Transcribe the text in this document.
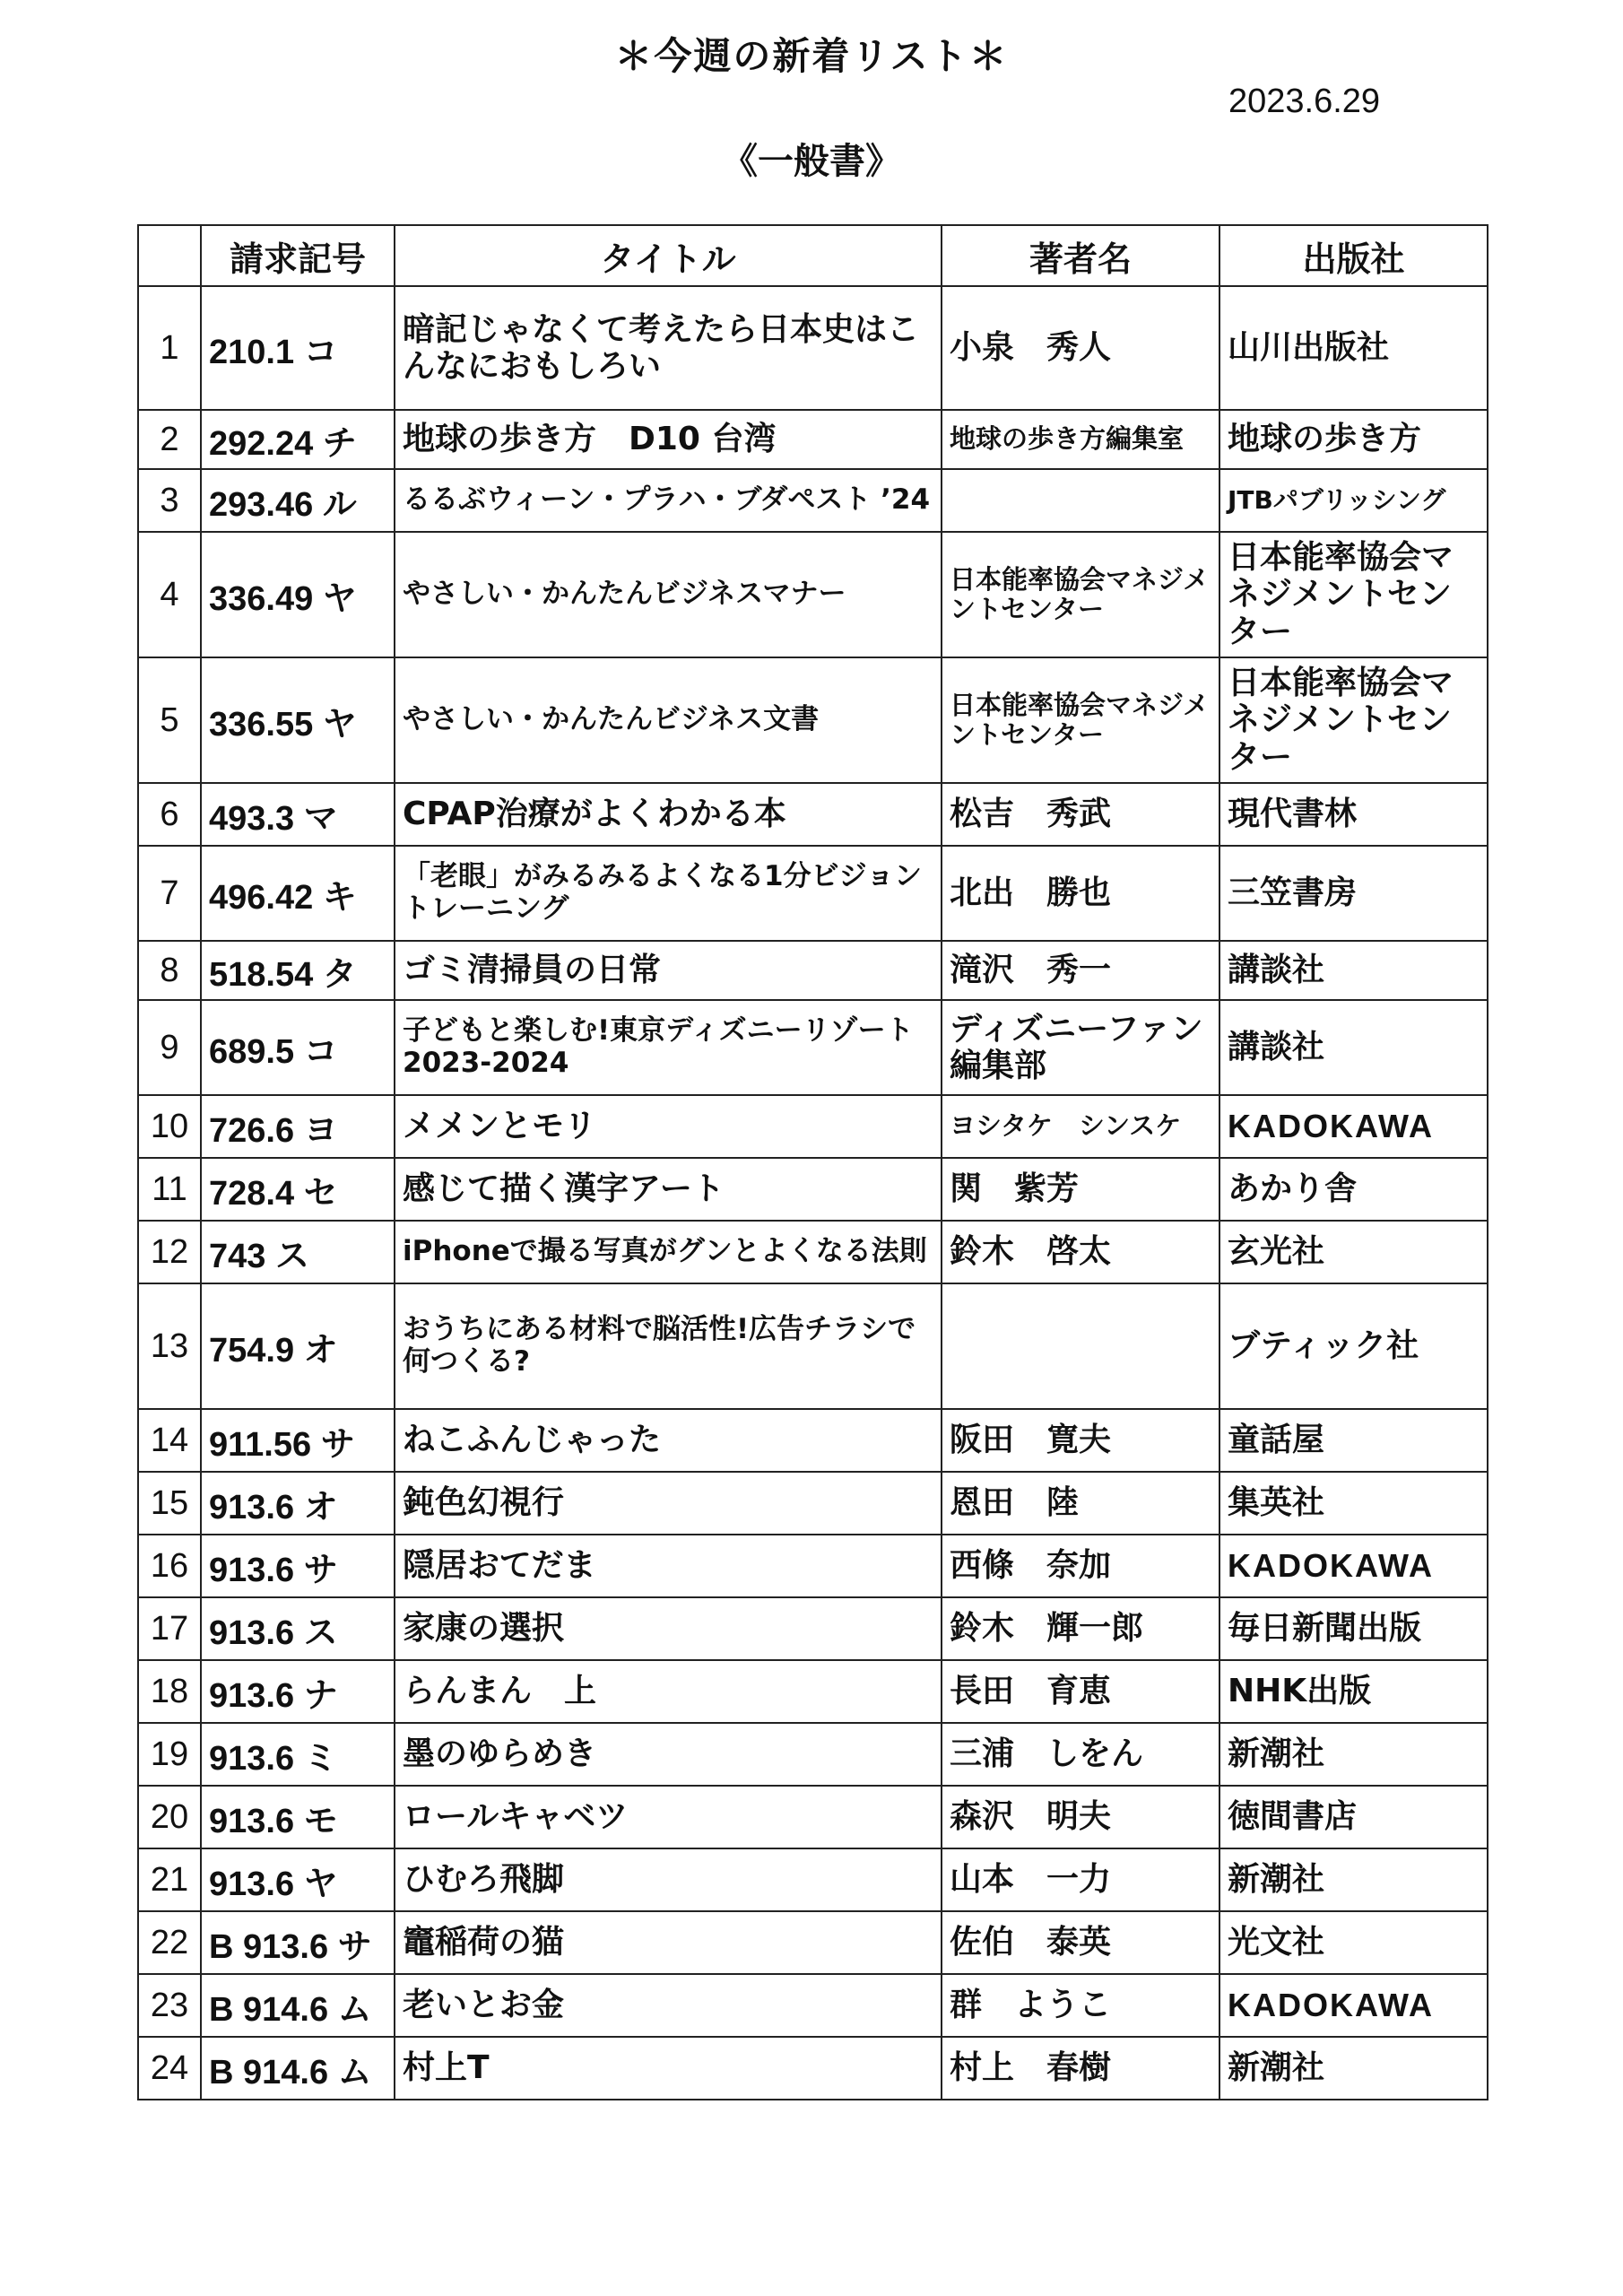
＊今週の新着リスト＊
2023.6.29
《一般書》
	請求記号	タイトル	著者名	出版社
1	210.1 コ	暗記じゃなくて考えたら日本史はこんなにおもしろい	小泉　秀人	山川出版社
2	292.24 チ	地球の歩き方　D10 台湾	地球の歩き方編集室	地球の歩き方
3	293.46 ル	るるぶウィーン・プラハ・ブダペスト ’24		JTBパブリッシング
4	336.49 ヤ	やさしい・かんたんビジネスマナー	日本能率協会マネジメントセンター	日本能率協会マネジメントセンター
5	336.55 ヤ	やさしい・かんたんビジネス文書	日本能率協会マネジメントセンター	日本能率協会マネジメントセンター
6	493.3 マ	CPAP治療がよくわかる本	松吉　秀武	現代書林
7	496.42 キ	「老眼」がみるみるよくなる1分ビジョントレーニング	北出　勝也	三笠書房
8	518.54 タ	ゴミ清掃員の日常	滝沢　秀一	講談社
9	689.5 コ	子どもと楽しむ!東京ディズニーリゾート2023-2024	ディズニーファン編集部	講談社
10	726.6 ヨ	メメンとモリ	ヨシタケ　シンスケ	KADOKAWA
11	728.4 セ	感じて描く漢字アート	関　紫芳	あかり舎
12	743 ス	iPhoneで撮る写真がグンとよくなる法則	鈴木　啓太	玄光社
13	754.9 オ	おうちにある材料で脳活性!広告チラシで何つくる?		ブティック社
14	911.56 サ	ねこふんじゃった	阪田　寛夫	童話屋
15	913.6 オ	鈍色幻視行	恩田　陸	集英社
16	913.6 サ	隠居おてだま	西條　奈加	KADOKAWA
17	913.6 ス	家康の選択	鈴木　輝一郎	毎日新聞出版
18	913.6 ナ	らんまん　上	長田　育恵	NHK出版
19	913.6 ミ	墨のゆらめき	三浦　しをん	新潮社
20	913.6 モ	ロールキャベツ	森沢　明夫	徳間書店
21	913.6 ヤ	ひむろ飛脚	山本　一力	新潮社
22	B 913.6 サ	竈稲荷の猫	佐伯　泰英	光文社
23	B 914.6 ム	老いとお金	群　ようこ	KADOKAWA
24	B 914.6 ム	村上T	村上　春樹	新潮社
